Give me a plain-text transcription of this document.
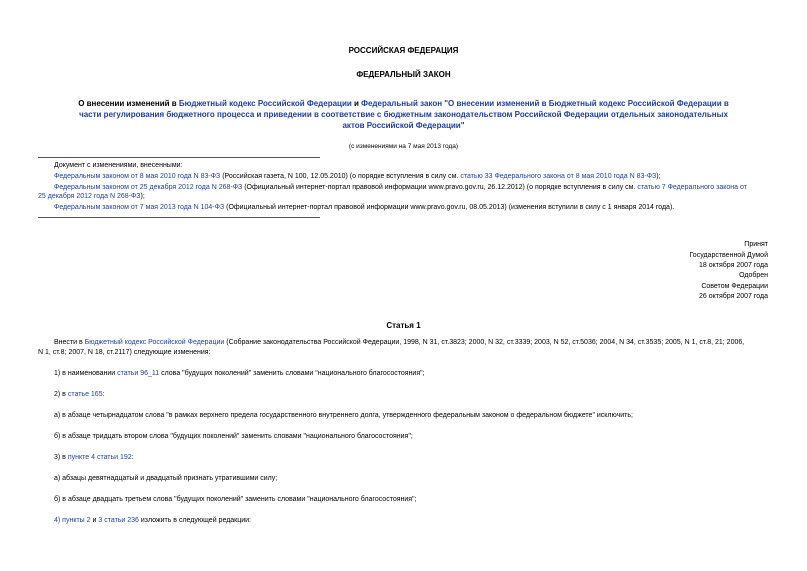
РОССИЙСКАЯ ФЕДЕРАЦИЯ
ФЕДЕРАЛЬНЫЙ ЗАКОН
О внесении изменений в Бюджетный кодекс Российской Федерации и Федеральный закон "О внесении изменений в Бюджетный кодекс Российской Федерации в
части регулирования бюджетного процесса и приведении в соответствие с бюджетным законодательством Российской Федерации отдельных законодательных
актов Российской Федерации"
(с изменениями на 7 мая 2013 года)
Документ с изменениями, внесенными:
Федеральным законом от 8 мая 2010 года N 83-ФЗ (Российская газета, N 100, 12.05.2010) (о порядке вступления в силу см. статью 33 Федерального закона от 8 мая 2010 года N 83-ФЗ);
Федеральным законом от 25 декабря 2012 года N 268-ФЗ (Официальный интернет-портал правовой информации www.pravo.gov.ru, 26.12.2012) (о порядке вступления в силу см. статью 7 Федерального закона от
25 декабря 2012 года N 268-ФЗ);
Федеральным законом от 7 мая 2013 года N 104-ФЗ (Официальный интернет-портал правовой информации www.pravo.gov.ru, 08.05.2013) (изменения вступили в силу с 1 января 2014 года).
Принят
Государственной Думой
18 октября 2007 года
Одобрен
Советом Федерации
26 октября 2007 года
Статья 1
Внести в Бюджетный кодекс Российской Федерации (Собрание законодательства Российской Федерации, 1998, N 31, ст.3823; 2000, N 32, ст.3339; 2003, N 52, ст.5036; 2004, N 34, ст.3535; 2005, N 1, ст.8, 21; 2006,
N 1, ст.8; 2007, N 18, ст.2117) следующие изменения:
1) в наименовании статьи 96_11 слова "будущих поколений" заменить словами "национального благосостояния";
2) в статье 165:
а) в абзаце четырнадцатом слова "в рамках верхнего предела государственного внутреннего долга, утвержденного федеральным законом о федеральном бюджете" исключить;
б) в абзаце тридцать втором слова "будущих поколений" заменить словами "национального благосостояния";
3) в пункте 4 статьи 192:
а) абзацы девятнадцатый и двадцатый признать утратившими силу;
б) в абзаце двадцать третьем слова "будущих поколений" заменить словами "национального благосостояния";
4) пункты 2 и 3 статьи 236 изложить в следующей редакции:
